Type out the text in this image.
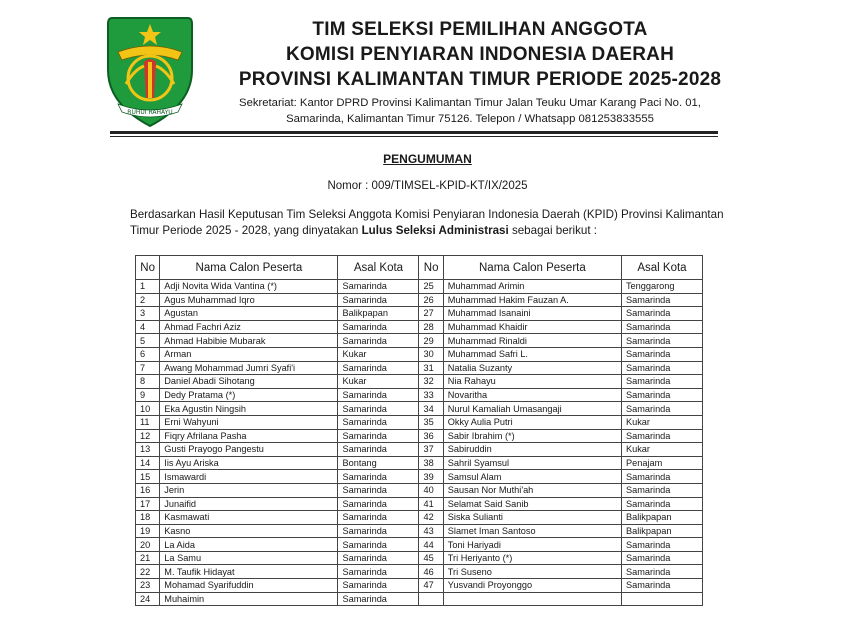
RUHUI RAHAYU
TIM SELEKSI PEMILIHAN ANGGOTA
KOMISI PENYIARAN INDONESIA DAERAH
PROVINSI KALIMANTAN TIMUR PERIODE 2025-2028
Sekretariat: Kantor DPRD Provinsi Kalimantan Timur Jalan Teuku Umar Karang Paci No. 01,
Samarinda, Kalimantan Timur 75126. Telepon / Whatsapp 081253833555
PENGUMUMAN
Nomor : 009/TIMSEL-KPID-KT/IX/2025
Berdasarkan Hasil Keputusan Tim Seleksi Anggota Komisi Penyiaran Indonesia Daerah (KPID) Provinsi Kalimantan Timur Periode 2025 - 2028, yang dinyatakan Lulus Seleksi Administrasi sebagai berikut :
No	Nama Calon Peserta	Asal Kota	No	Nama Calon Peserta	Asal Kota
1	Adji Novita Wida Vantina (*)	Samarinda	25	Muhammad Arimin	Tenggarong
2	Agus Muhammad Iqro	Samarinda	26	Muhammad Hakim Fauzan A.	Samarinda
3	Agustan	Balikpapan	27	Muhammad Isanaini	Samarinda
4	Ahmad Fachri Aziz	Samarinda	28	Muhammad Khaidir	Samarinda
5	Ahmad Habibie Mubarak	Samarinda	29	Muhammad Rinaldi	Samarinda
6	Arman	Kukar	30	Muhammad Safri L.	Samarinda
7	Awang Mohammad Jumri Syafi'i	Samarinda	31	Natalia Suzanty	Samarinda
8	Daniel Abadi Sihotang	Kukar	32	Nia Rahayu	Samarinda
9	Dedy Pratama (*)	Samarinda	33	Novaritha	Samarinda
10	Eka Agustin Ningsih	Samarinda	34	Nurul Kamaliah Umasangaji	Samarinda
11	Erni Wahyuni	Samarinda	35	Okky Aulia Putri	Kukar
12	Fiqry Afrilana Pasha	Samarinda	36	Sabir Ibrahim (*)	Samarinda
13	Gusti Prayogo Pangestu	Samarinda	37	Sabiruddin	Kukar
14	Iis Ayu Ariska	Bontang	38	Sahril Syamsul	Penajam
15	Ismawardi	Samarinda	39	Samsul Alam	Samarinda
16	Jerin	Samarinda	40	Sausan Nor Muthi'ah	Samarinda
17	Junaifid	Samarinda	41	Selamat Said Sanib	Samarinda
18	Kasmawati	Samarinda	42	Siska Sulianti	Balikpapan
19	Kasno	Samarinda	43	Slamet Iman Santoso	Balikpapan
20	La Aida	Samarinda	44	Toni Hariyadi	Samarinda
21	La Samu	Samarinda	45	Tri Heriyanto (*)	Samarinda
22	M. Taufik Hidayat	Samarinda	46	Tri Suseno	Samarinda
23	Mohamad Syarifuddin	Samarinda	47	Yusvandi Proyonggo	Samarinda
24	Muhaimin	Samarinda			
